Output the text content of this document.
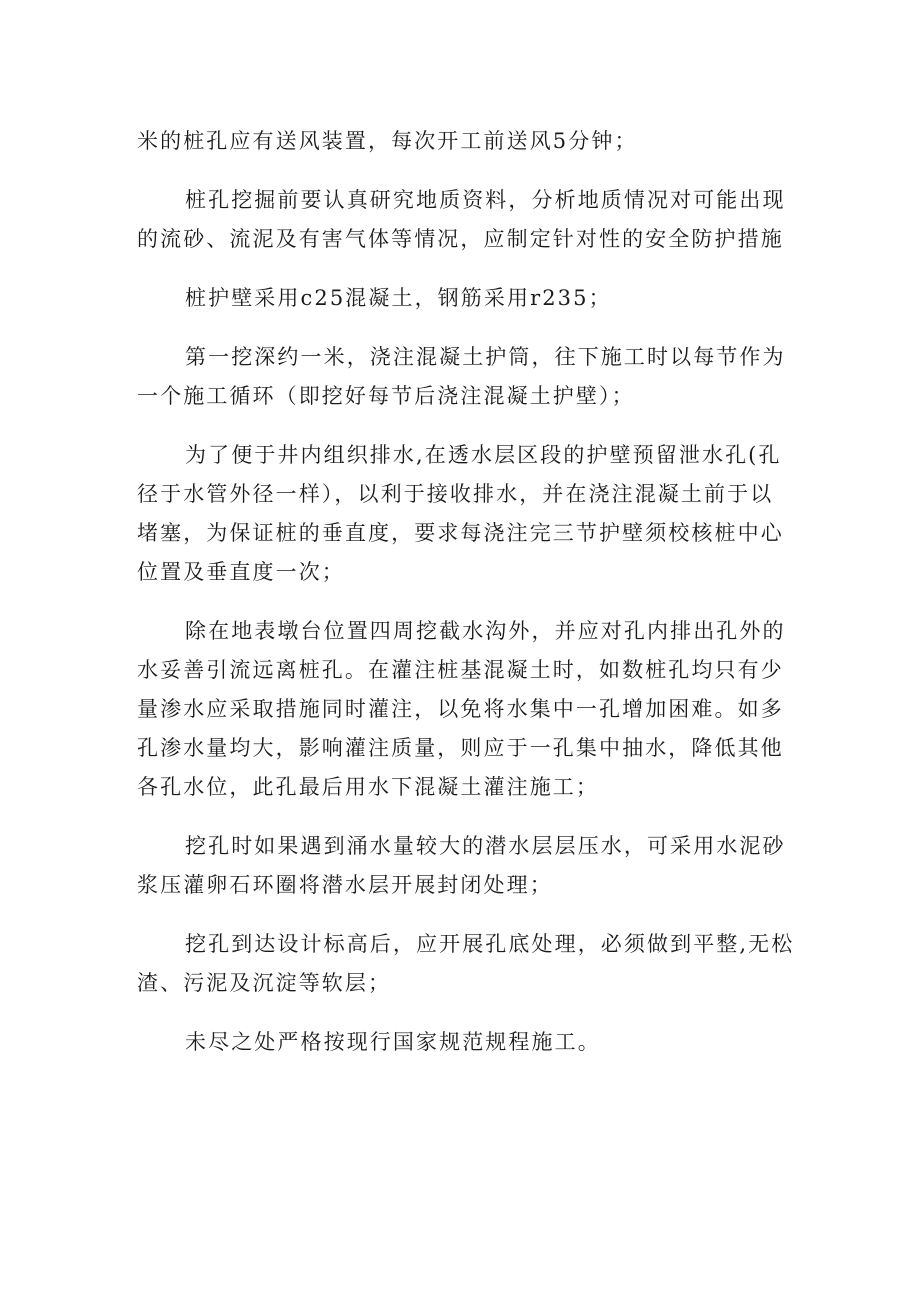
米的桩孔应有送风装置，每次开工前送风5分钟；

桩孔挖掘前要认真研究地质资料，分析地质情况对可能出现
的流砂、流泥及有害气体等情况，应制定针对性的安全防护措施

桩护壁采用c25混凝土，钢筋采用r235；

第一挖深约一米，浇注混凝土护筒，往下施工时以每节作为
一个施工循环（即挖好每节后浇注混凝土护壁）；

为了便于井内组织排水,在透水层区段的护壁预留泄水孔(孔
径于水管外径一样），以利于接收排水，并在浇注混凝土前于以
堵塞，为保证桩的垂直度，要求每浇注完三节护壁须校核桩中心
位置及垂直度一次；

除在地表墩台位置四周挖截水沟外，并应对孔内排出孔外的
水妥善引流远离桩孔。在灌注桩基混凝土时，如数桩孔均只有少
量渗水应采取措施同时灌注，以免将水集中一孔增加困难。如多
孔渗水量均大，影响灌注质量，则应于一孔集中抽水，降低其他
各孔水位，此孔最后用水下混凝土灌注施工；

挖孔时如果遇到涌水量较大的潜水层层压水，可采用水泥砂
浆压灌卵石环圈将潜水层开展封闭处理；

挖孔到达设计标高后，应开展孔底处理，必须做到平整,无松
渣、污泥及沉淀等软层；

未尽之处严格按现行国家规范规程施工。
